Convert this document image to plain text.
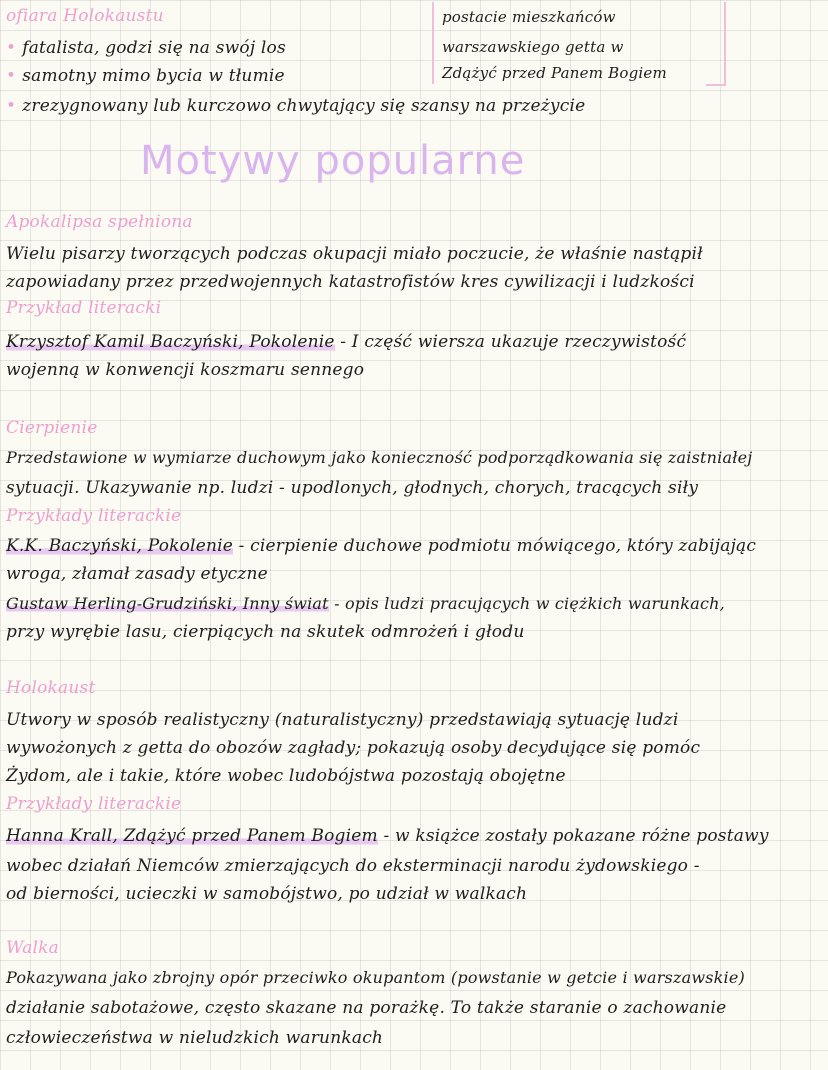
ofiara Holokaustu
• fatalista, godzi się na swój los
• samotny mimo bycia w tłumie
• zrezygnowany lub kurczowo chwytający się szansy na przeżycie
postacie mieszkańców
warszawskiego getta w
Zdążyć przed Panem Bogiem
Motywy popularne
Apokalipsa spełniona
Wielu pisarzy tworzących podczas okupacji miało poczucie, że właśnie nastąpił
zapowiadany przez przedwojennych katastrofistów kres cywilizacji i ludzkości
Przykład literacki
Krzysztof Kamil Baczyński, Pokolenie - I część wiersza ukazuje rzeczywistość
wojenną w konwencji koszmaru sennego
Cierpienie
Przedstawione w wymiarze duchowym jako konieczność podporządkowania się zaistniałej
sytuacji. Ukazywanie np. ludzi - upodlonych, głodnych, chorych, tracących siły
Przykłady literackie
K.K. Baczyński, Pokolenie - cierpienie duchowe podmiotu mówiącego, który zabijając
wroga, złamał zasady etyczne
Gustaw Herling-Grudziński, Inny świat - opis ludzi pracujących w ciężkich warunkach,
przy wyrębie lasu, cierpiących na skutek odmrożeń i głodu
Holokaust
Utwory w sposób realistyczny (naturalistyczny) przedstawiają sytuację ludzi
wywożonych z getta do obozów zagłady; pokazują osoby decydujące się pomóc
Żydom, ale i takie, które wobec ludobójstwa pozostają obojętne
Przykłady literackie
Hanna Krall, Zdążyć przed Panem Bogiem - w książce zostały pokazane różne postawy
wobec działań Niemców zmierzających do eksterminacji narodu żydowskiego -
od bierności, ucieczki w samobójstwo, po udział w walkach
Walka
Pokazywana jako zbrojny opór przeciwko okupantom (powstanie w getcie i warszawskie)
działanie sabotażowe, często skazane na porażkę. To także staranie o zachowanie
człowieczeństwa w nieludzkich warunkach
